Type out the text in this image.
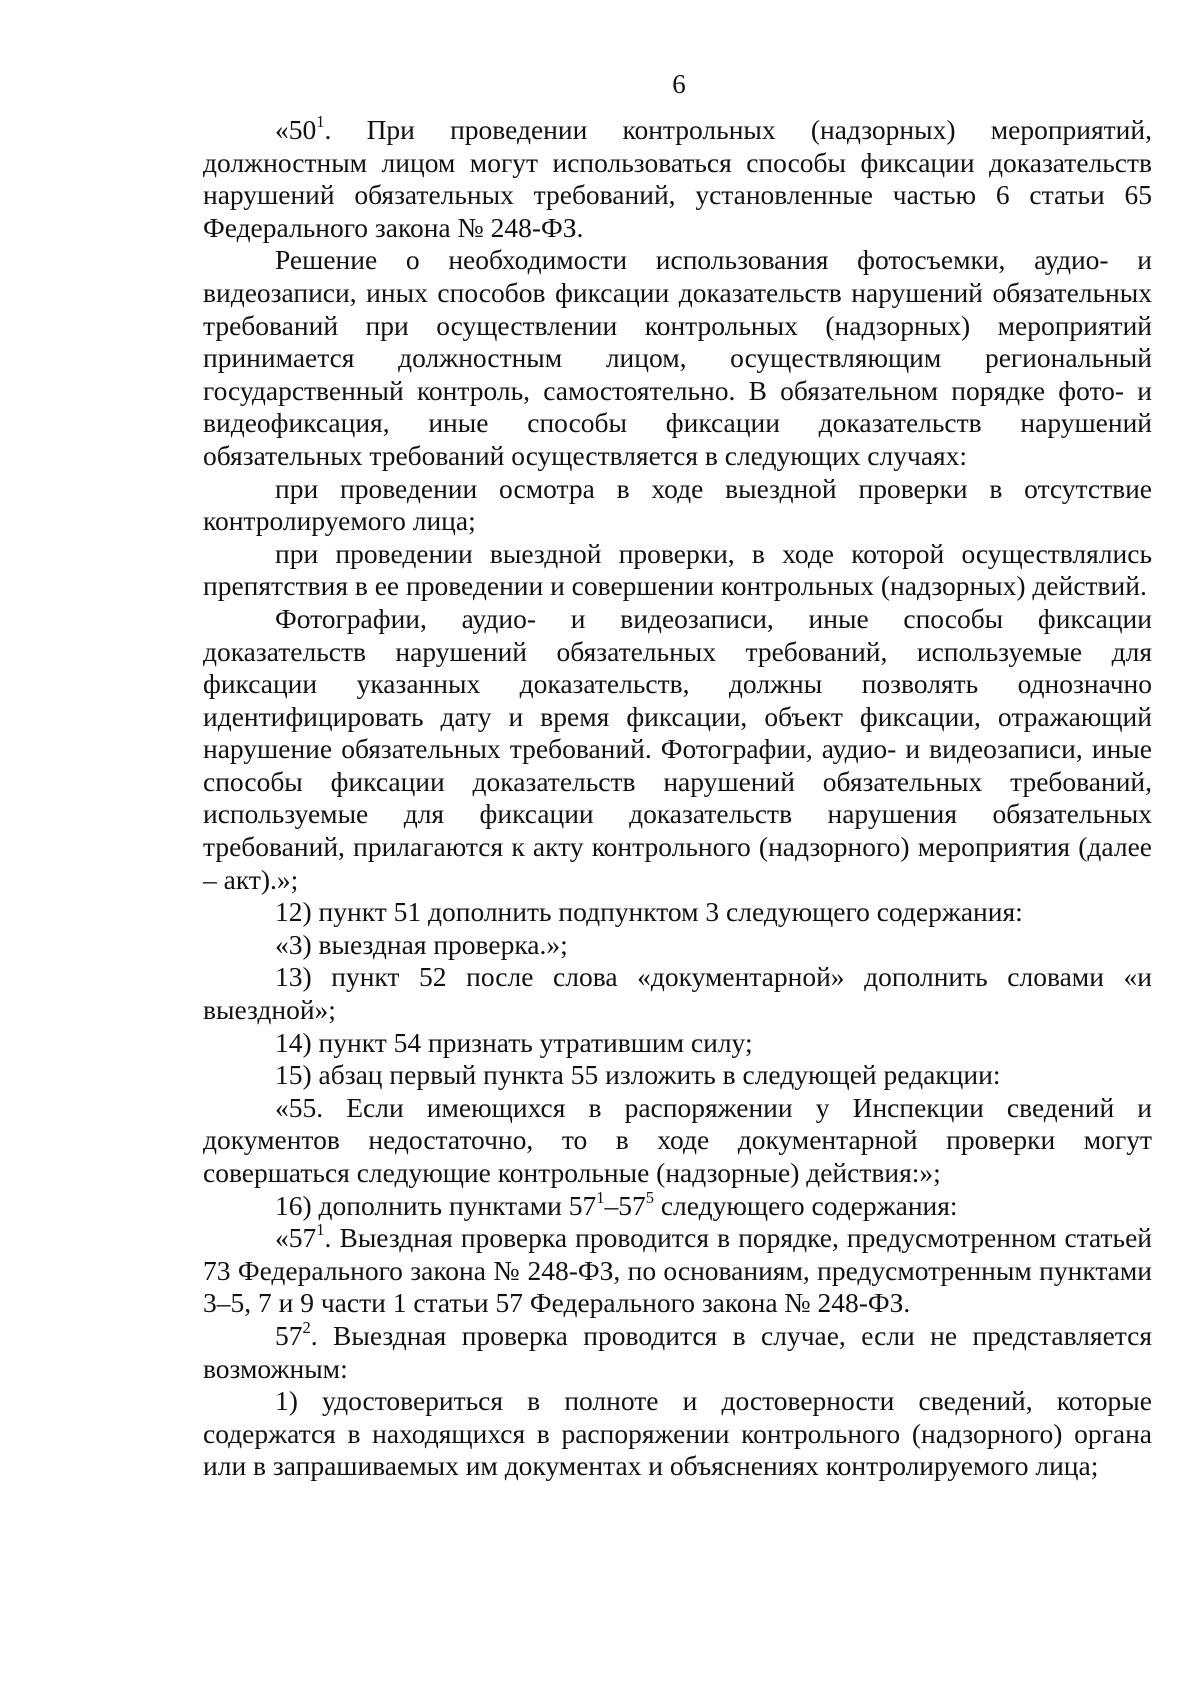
6

«$50^1$. При проведении контрольных (надзорных) мероприятий, должностным лицом могут использоваться способы фиксации доказательств нарушений обязательных требований, установленные частью 6 статьи 65 Федерального закона № 248-ФЗ.

Решение о необходимости использования фотосъемки, аудио- и видеозаписи, иных способов фиксации доказательств нарушений обязательных требований при осуществлении контрольных (надзорных) мероприятий принимается должностным лицом, осуществляющим региональный государственный контроль, самостоятельно. В обязательном порядке фото- и видеофиксация, иные способы фиксации доказательств нарушений обязательных требований осуществляется в следующих случаях:

при проведении осмотра в ходе выездной проверки в отсутствие контролируемого лица;

при проведении выездной проверки, в ходе которой осуществлялись препятствия в ее проведении и совершении контрольных (надзорных) действий.

Фотографии, аудио- и видеозаписи, иные способы фиксации доказательств нарушений обязательных требований, используемые для фиксации указанных доказательств, должны позволять однозначно идентифицировать дату и время фиксации, объект фиксации, отражающий нарушение обязательных требований. Фотографии, аудио- и видеозаписи, иные способы фиксации доказательств нарушений обязательных требований, используемые для фиксации доказательств нарушения обязательных требований, прилагаются к акту контрольного (надзорного) мероприятия (далее – акт).»;

12) пункт 51 дополнить подпунктом 3 следующего содержания:

«3) выездная проверка.»;

13) пункт 52 после слова «документарной» дополнить словами «и выездной»;

14) пункт 54 признать утратившим силу;

15) абзац первый пункта 55 изложить в следующей редакции:

«55. Если имеющихся в распоряжении у Инспекции сведений и документов недостаточно, то в ходе документарной проверки могут совершаться следующие контрольные (надзорные) действия:»;

16) дополнить пунктами $57^1-57^5$ следующего содержания:

«$57^1$. Выездная проверка проводится в порядке, предусмотренном статьей 73 Федерального закона № 248-ФЗ, по основаниям, предусмотренным пунктами 3–5, 7 и 9 части 1 статьи 57 Федерального закона № 248-ФЗ.

$57^2$. Выездная проверка проводится в случае, если не представляется возможным:

1) удостовериться в полноте и достоверности сведений, которые содержатся в находящихся в распоряжении контрольного (надзорного) органа или в запрашиваемых им документах и объяснениях контролируемого лица;
